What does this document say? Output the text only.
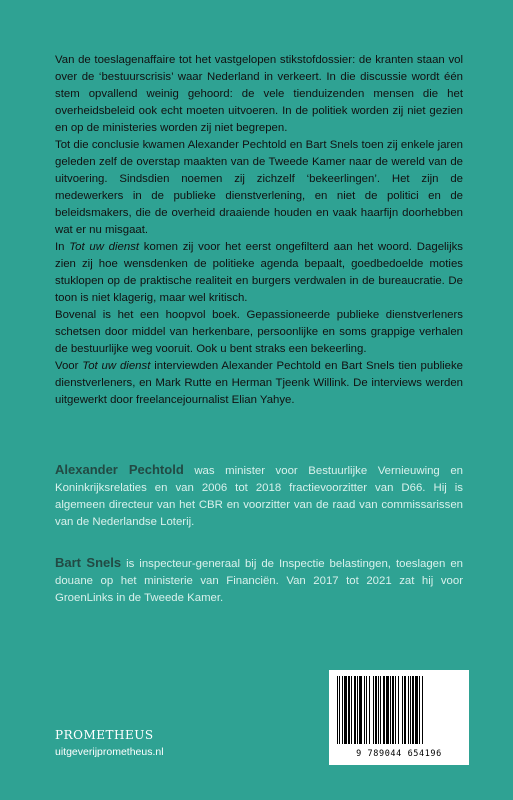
Van de toeslagenaffaire tot het vastgelopen stikstofdossier: de kranten staan vol over de ‘bestuurscrisis’ waar Nederland in verkeert. In die discussie wordt één stem opvallend weinig gehoord: de vele tienduizenden mensen die het overheidsbeleid ook echt moeten uitvoeren. In de politiek worden zij niet gezien en op de ministeries worden zij niet begrepen.

Tot die conclusie kwamen Alexander Pechtold en Bart Snels toen zij enkele jaren geleden zelf de overstap maakten van de Tweede Kamer naar de wereld van de uitvoering. Sindsdien noemen zij zichzelf ‘bekeerlingen’. Het zijn de medewerkers in de publieke dienstverlening, en niet de politici en de beleidsmakers, die de overheid draaiende houden en vaak haarfijn doorhebben wat er nu misgaat.

In Tot uw dienst komen zij voor het eerst ongefilterd aan het woord. Dagelijks zien zij hoe wensdenken de politieke agenda bepaalt, goedbedoelde moties stuklopen op de praktische realiteit en burgers verdwalen in de bureaucratie. De toon is niet klagerig, maar wel kritisch.

Bovenal is het een hoopvol boek. Gepassioneerde publieke dienstverleners schetsen door middel van herkenbare, persoonlijke en soms grappige verhalen de bestuurlijke weg vooruit. Ook u bent straks een bekeerling.

Voor Tot uw dienst interviewden Alexander Pechtold en Bart Snels tien publieke dienstverleners, en Mark Rutte en Herman Tjeenk Willink. De interviews werden uitgewerkt door freelancejournalist Elian Yahye.

Alexander Pechtold was minister voor Bestuurlijke Vernieuwing en Koninkrijksrelaties en van 2006 tot 2018 fractievoorzitter van D66. Hij is algemeen directeur van het CBR en voorzitter van de raad van commissarissen van de Nederlandse Loterij.
Bart Snels is inspecteur-generaal bij de Inspectie belastingen, toeslagen en douane op het ministerie van Financiën. Van 2017 tot 2021 zat hij voor GroenLinks in de Tweede Kamer.
PROMETHEUS
uitgeverijprometheus.nl	9 789044 654196
